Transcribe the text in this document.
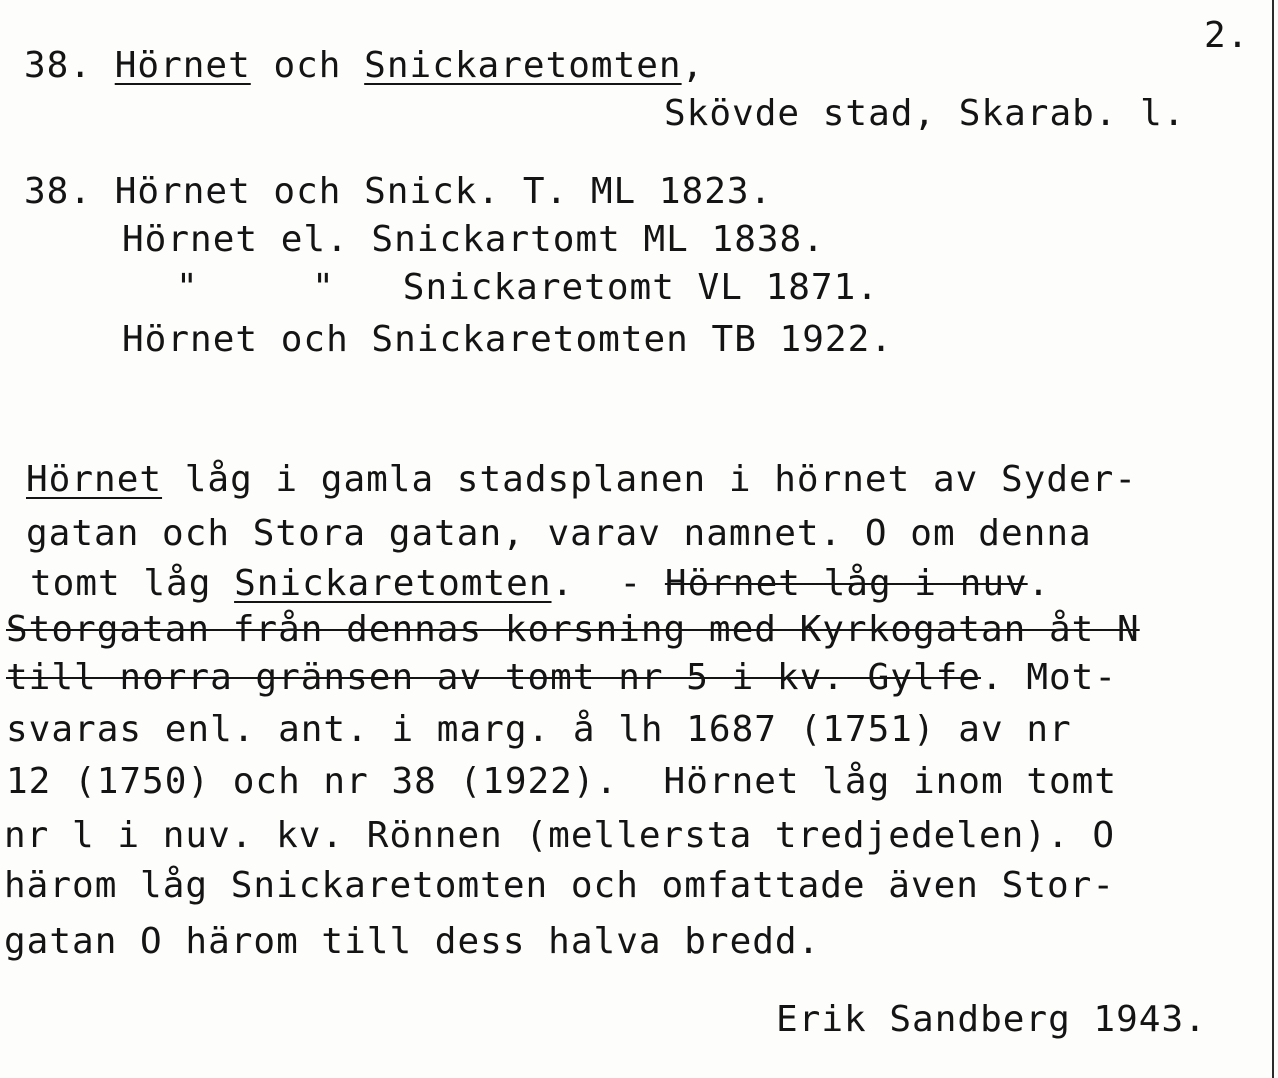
2.
38. Hörnet och Snickaretomten,
Skövde stad, Skarab. l.
38. Hörnet och Snick. T. ML 1823.
Hörnet el. Snickartomt ML 1838.
"	" Snickaretomt VL 1871.
Hörnet och Snickaretomten TB 1922.
Hörnet låg i gamla stadsplanen i hörnet av Syder-
gatan och Stora gatan, varav namnet. O om denna
tomt låg Snickaretomten.  - Hörnet låg i nuv.
Storgatan från dennas korsning med Kyrkogatan åt N
till norra gränsen av tomt nr 5 i kv. Gylfe. Mot-
svaras enl. ant. i marg. å lh 1687 (1751) av nr
12 (1750) och nr 38 (1922).  Hörnet låg inom tomt
nr l i nuv. kv. Rönnen (mellersta tredjedelen). O
härom låg Snickaretomten och omfattade även Stor-
gatan O härom till dess halva bredd.
Erik Sandberg 1943.
